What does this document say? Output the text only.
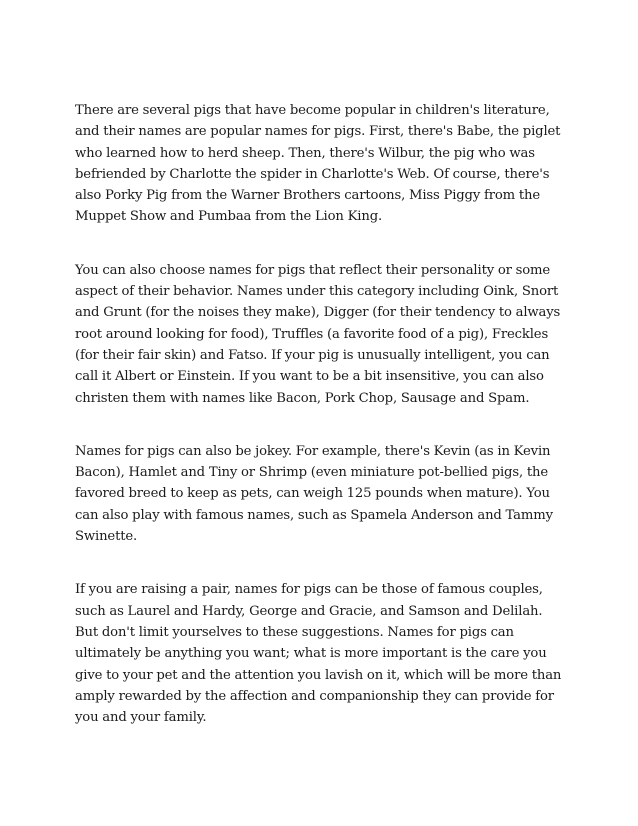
There are several pigs that have become popular in children's literature, and their names are popular names for pigs. First, there's Babe, the piglet who learned how to herd sheep. Then, there's Wilbur, the pig who was befriended by Charlotte the spider in Charlotte's Web. Of course, there's also Porky Pig from the Warner Brothers cartoons, Miss Piggy from the Muppet Show and Pumbaa from the Lion King.

You can also choose names for pigs that reflect their personality or some aspect of their behavior. Names under this category including Oink, Snort and Grunt (for the noises they make), Digger (for their tendency to always root around looking for food), Truffles (a favorite food of a pig), Freckles (for their fair skin) and Fatso. If your pig is unusually intelligent, you can call it Albert or Einstein. If you want to be a bit insensitive, you can also christen them with names like Bacon, Pork Chop, Sausage and Spam.

Names for pigs can also be jokey. For example, there's Kevin (as in Kevin Bacon), Hamlet and Tiny or Shrimp (even miniature pot-bellied pigs, the favored breed to keep as pets, can weigh 125 pounds when mature). You can also play with famous names, such as Spamela Anderson and Tammy Swinette.

If you are raising a pair, names for pigs can be those of famous couples, such as Laurel and Hardy, George and Gracie, and Samson and Delilah. But don't limit yourselves to these suggestions. Names for pigs can ultimately be anything you want; what is more important is the care you give to your pet and the attention you lavish on it, which will be more than amply rewarded by the affection and companionship they can provide for you and your family.
